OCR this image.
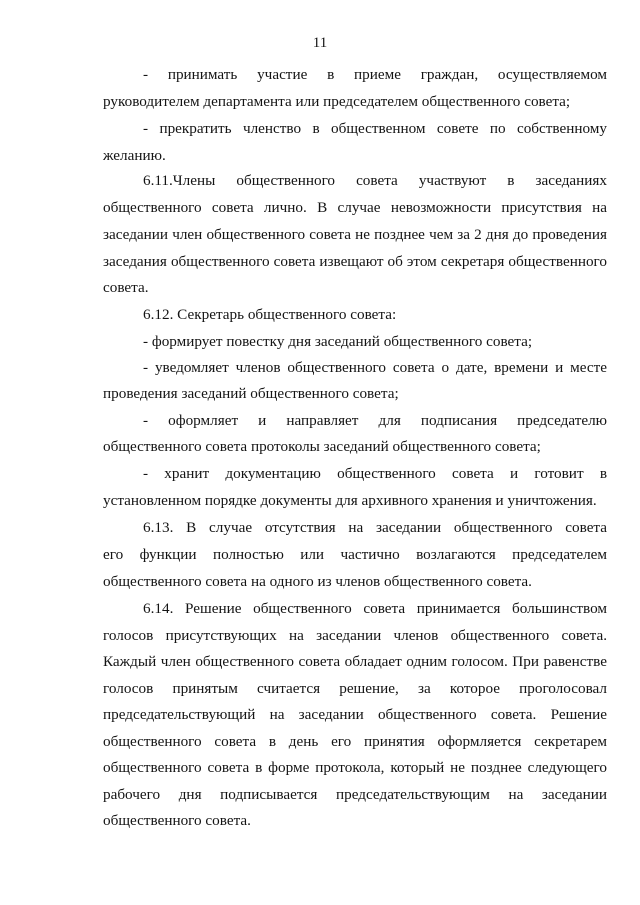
11
- принимать участие в приеме граждан, осуществляемом
руководителем департамента или председателем общественного совета;
- прекратить членство в общественном совете по собственному
желанию.
6.11.Члены общественного совета участвуют в заседаниях
общественного совета лично. В случае невозможности присутствия на
заседании член общественного совета не позднее чем за 2 дня до проведения
заседания общественного совета извещают об этом секретаря общественного
совета.
6.12. Секретарь общественного совета:
- формирует повестку дня заседаний общественного совета;
- уведомляет членов общественного совета о дате, времени и месте
проведения заседаний общественного совета;
- оформляет и направляет для подписания председателю
общественного совета протоколы заседаний общественного совета;
- хранит документацию общественного совета и готовит в
установленном порядке документы для архивного хранения и уничтожения.
6.13. В случае отсутствия на заседании общественного совета
его функции полностью или частично возлагаются председателем
общественного совета на одного из членов общественного совета.
6.14. Решение общественного совета принимается большинством
голосов присутствующих на заседании членов общественного совета.
Каждый член общественного совета обладает одним голосом. При равенстве
голосов принятым считается решение, за которое проголосовал
председательствующий на заседании общественного совета. Решение
общественного совета в день его принятия оформляется секретарем
общественного совета в форме протокола, который не позднее следующего
рабочего дня подписывается председательствующим на заседании
общественного совета.
